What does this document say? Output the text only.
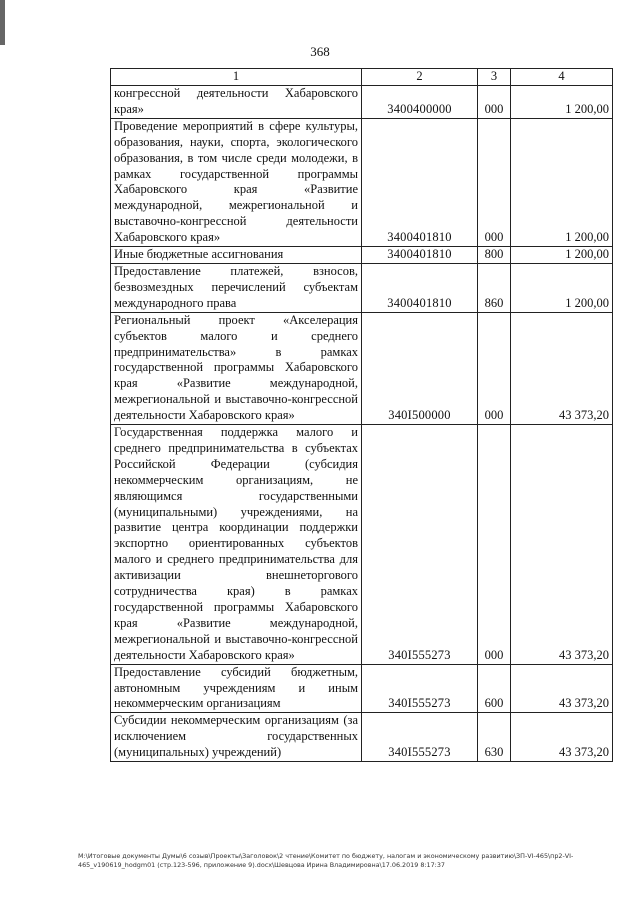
368
1	2	3	4
конгрессной деятельности Хабаровского края»	3400400000	000	1 200,00
Проведение мероприятий в сфере культуры, образования, науки, спорта, экологического образования, в том числе среди молодежи, в рамках государственной программы Хабаровского края «Развитие международной, межрегиональной и выставочно-конгрессной деятельности Хабаровского края»	3400401810	000	1 200,00
Иные бюджетные ассигнования	3400401810	800	1 200,00
Предоставление платежей, взносов, безвозмездных перечислений субъектам международного права	3400401810	860	1 200,00
Региональный проект «Акселерация субъектов малого и среднего предпринимательства» в рамках государственной программы Хабаровского края «Развитие международной, межрегиональной и выставочно-конгрессной деятельности Хабаровского края»	340I500000	000	43 373,20
Государственная поддержка малого и среднего предпринимательства в субъектах Российской Федерации (субсидия некоммерческим организациям, не являющимся государственными (муниципальными) учреждениями, на развитие центра координации поддержки экспортно ориентированных субъектов малого и среднего предпринимательства для активизации внешнеторгового сотрудничества края) в рамках государственной программы Хабаровского края «Развитие международной, межрегиональной и выставочно-конгрессной деятельности Хабаровского края»	340I555273	000	43 373,20
Предоставление субсидий бюджетным, автономным учреждениям и иным некоммерческим организациям	340I555273	600	43 373,20
Субсидии некоммерческим организациям (за исключением государственных (муниципальных) учреждений)	340I555273	630	43 373,20
M:\Итоговые документы Думы\6 созыв\Проекты\Заголовок\2 чтение\Комитет по бюджету, налогам и экономическому развитию\ЗП-VI-465\пр2-VI-465_v190619_hodgm01 (стр.123-596, приложение 9).docx\Шевцова Ирина Владимировна\17.06.2019 8:17:37
